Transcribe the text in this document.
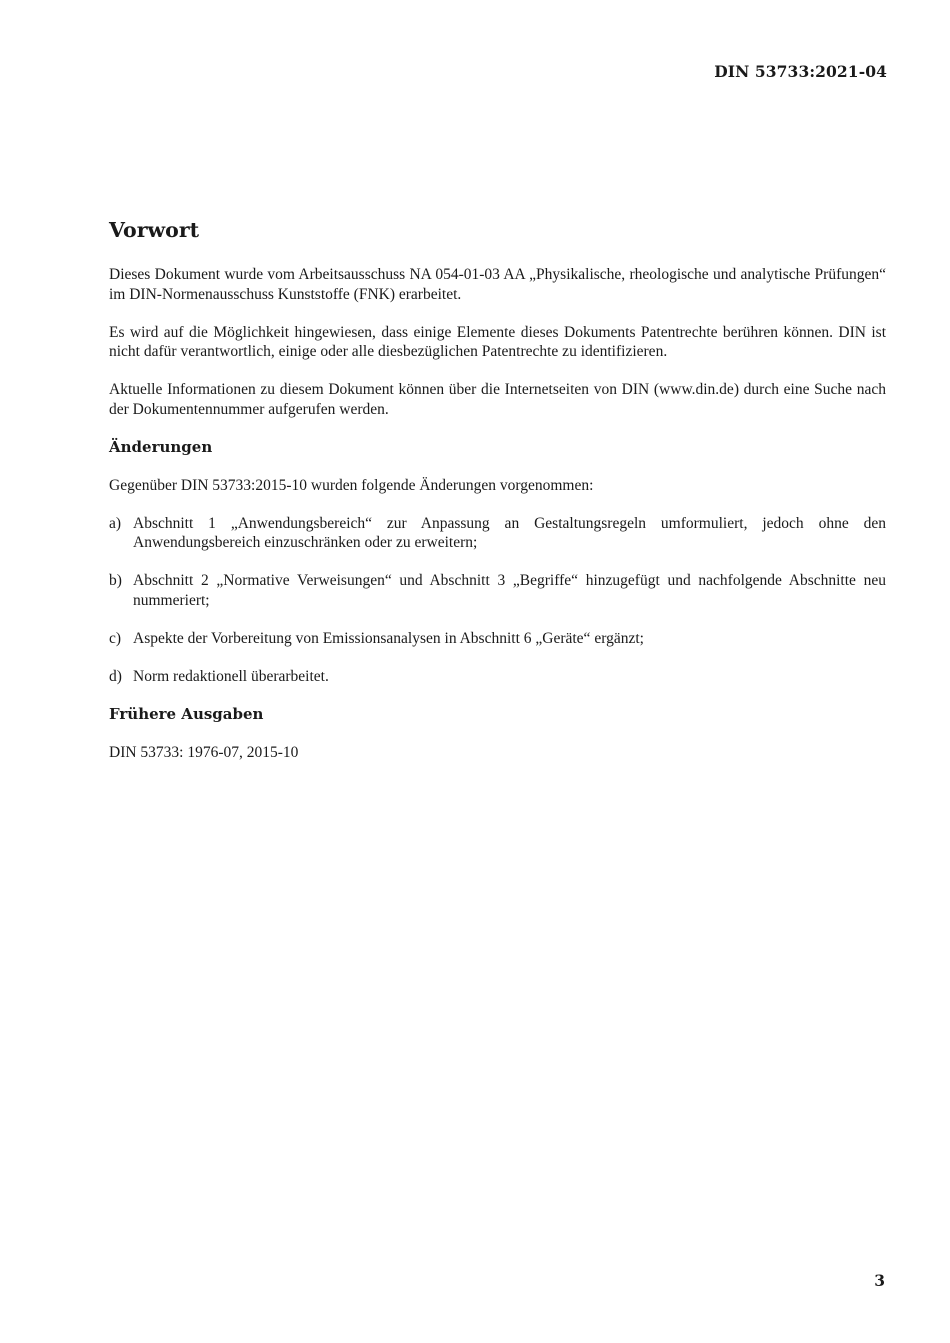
DIN 53733:2021-04
Vorwort

Dieses Dokument wurde vom Arbeitsausschuss NA 054-01-03 AA „Physikalische, rheologische und analytische Prüfungen“ im DIN-Normenausschuss Kunststoffe (FNK) erarbeitet.

Es wird auf die Möglichkeit hingewiesen, dass einige Elemente dieses Dokuments Patentrechte berühren können. DIN ist nicht dafür verantwortlich, einige oder alle diesbezüglichen Patentrechte zu identifizieren.

Aktuelle Informationen zu diesem Dokument können über die Internetseiten von DIN (www.din.de) durch eine Suche nach der Dokumentennummer aufgerufen werden.

Änderungen

Gegenüber DIN 53733:2015-10 wurden folgende Änderungen vorgenommen:

a) Abschnitt 1 „Anwendungsbereich“ zur Anpassung an Gestaltungsregeln umformuliert, jedoch ohne den Anwendungsbereich einzuschränken oder zu erweitern;
b) Abschnitt 2 „Normative Verweisungen“ und Abschnitt 3 „Begriffe“ hinzugefügt und nachfolgende Abschnitte neu nummeriert;
c) Aspekte der Vorbereitung von Emissionsanalysen in Abschnitt 6 „Geräte“ ergänzt;
d) Norm redaktionell überarbeitet.
Frühere Ausgaben

DIN 53733: 1976-07, 2015-10

3
